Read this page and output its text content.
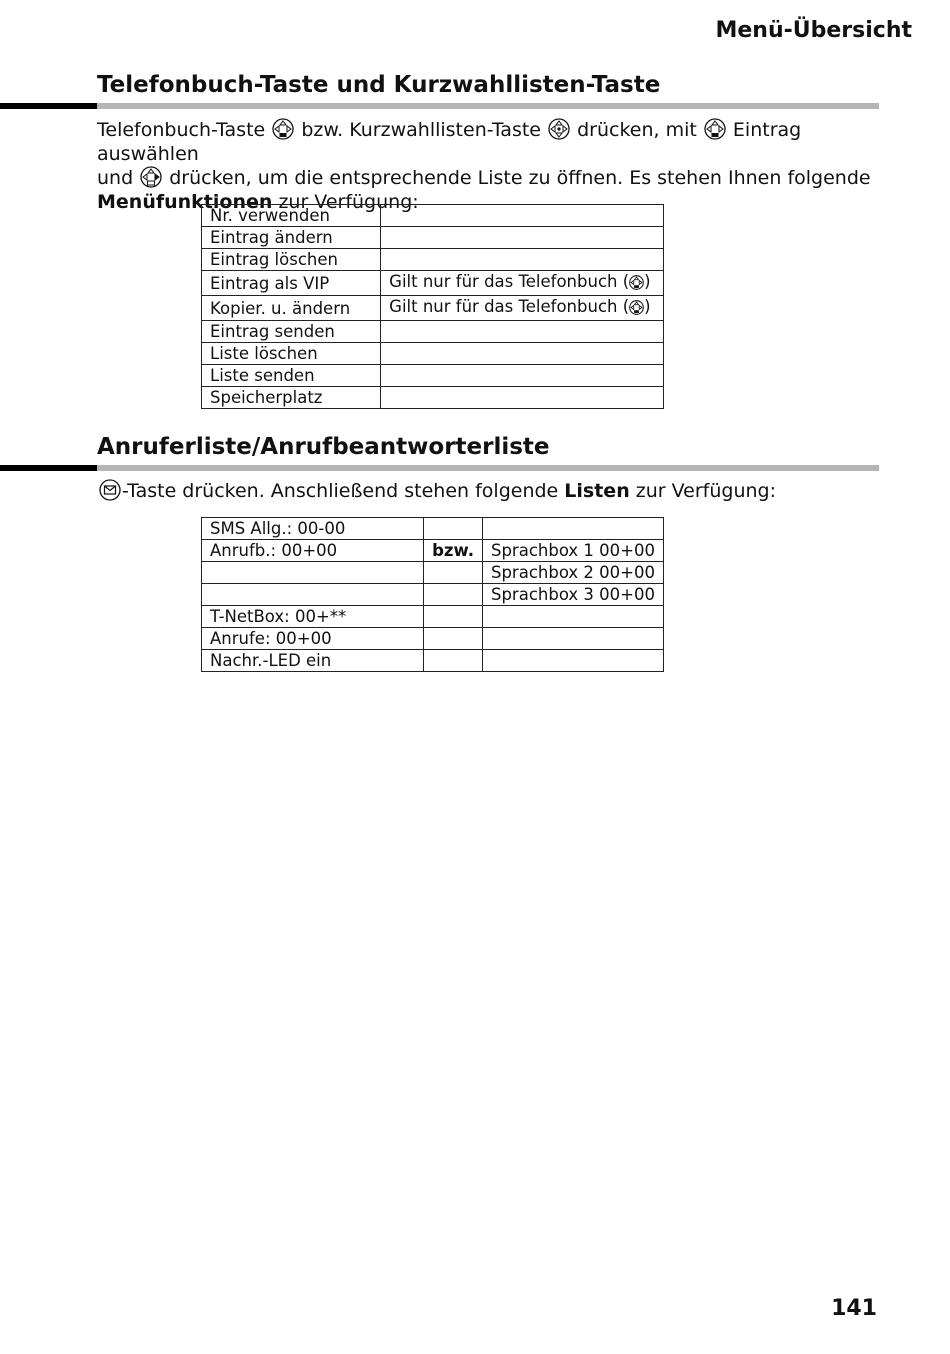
Menü-Übersicht
Telefonbuch-Taste und Kurzwahllisten-Taste
Telefonbuch-Taste bzw. Kurzwahllisten-Taste drücken, mit Eintrag auswählen
und drücken, um die entsprechende Liste zu öffnen. Es stehen Ihnen folgende
Menüfunktionen zur Verfügung:
Nr. verwenden	
Eintrag ändern	
Eintrag löschen	
Eintrag als VIP	Gilt nur für das Telefonbuch ( )
Kopier. u. ändern	Gilt nur für das Telefonbuch ( )
Eintrag senden	
Liste löschen	
Liste senden	
Speicherplatz	
Anruferliste/Anrufbeantworterliste
-Taste drücken. Anschließend stehen folgende Listen zur Verfügung:
SMS Allg.: 00-00		
Anrufb.: 00+00	bzw.	Sprachbox 1 00+00
		Sprachbox 2 00+00
		Sprachbox 3 00+00
T-NetBox: 00+**		
Anrufe: 00+00		
Nachr.-LED ein		
141
